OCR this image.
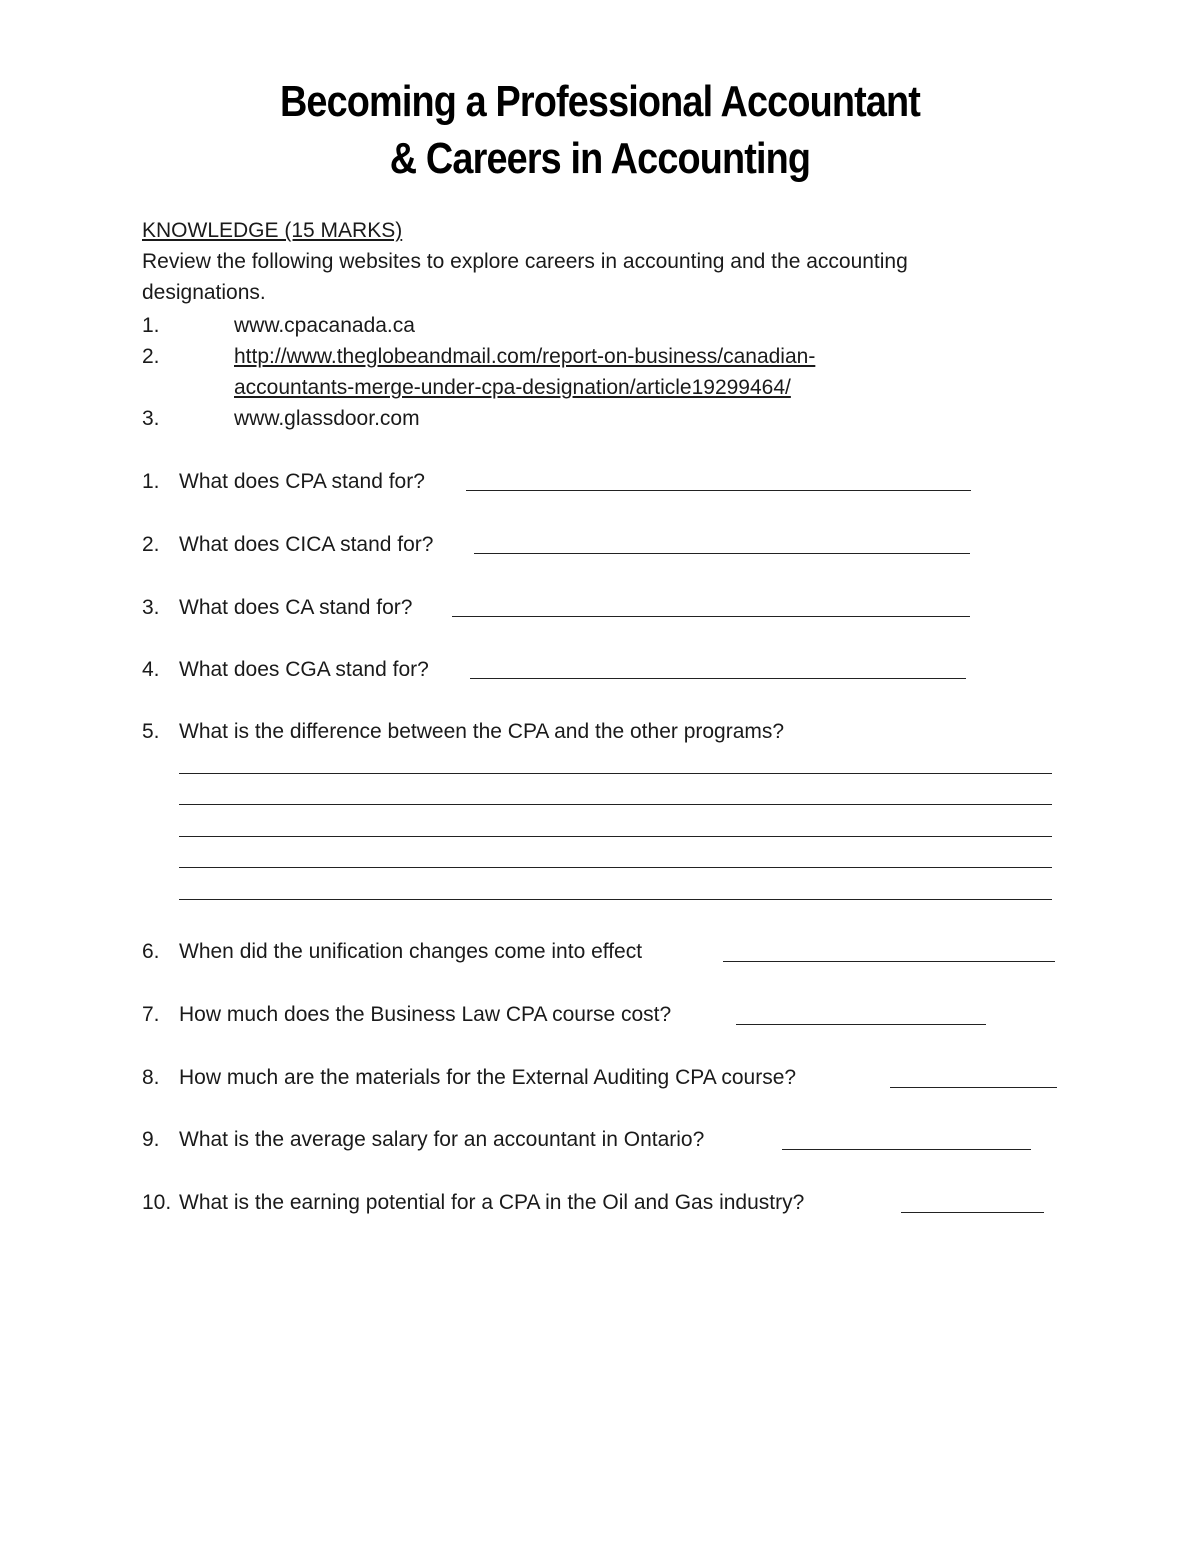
Becoming a Professional Accountant
& Careers in Accounting
KNOWLEDGE (15 MARKS)
Review the following websites to explore careers in accounting and the accounting
designations.
1.	www.cpacanada.ca
2.	http://www.theglobeandmail.com/report-on-business/canadian-
accountants-merge-under-cpa-designation/article19299464/
3.	www.glassdoor.com
1. What does CPA stand for?
2. What does CICA stand for?
3. What does CA stand for?
4. What does CGA stand for?
5. What is the difference between the CPA and the other programs?
6. When did the unification changes come into effect
7. How much does the Business Law CPA course cost?
8. How much are the materials for the External Auditing CPA course?
9. What is the average salary for an accountant in Ontario?
10. What is the earning potential for a CPA in the Oil and Gas industry?
